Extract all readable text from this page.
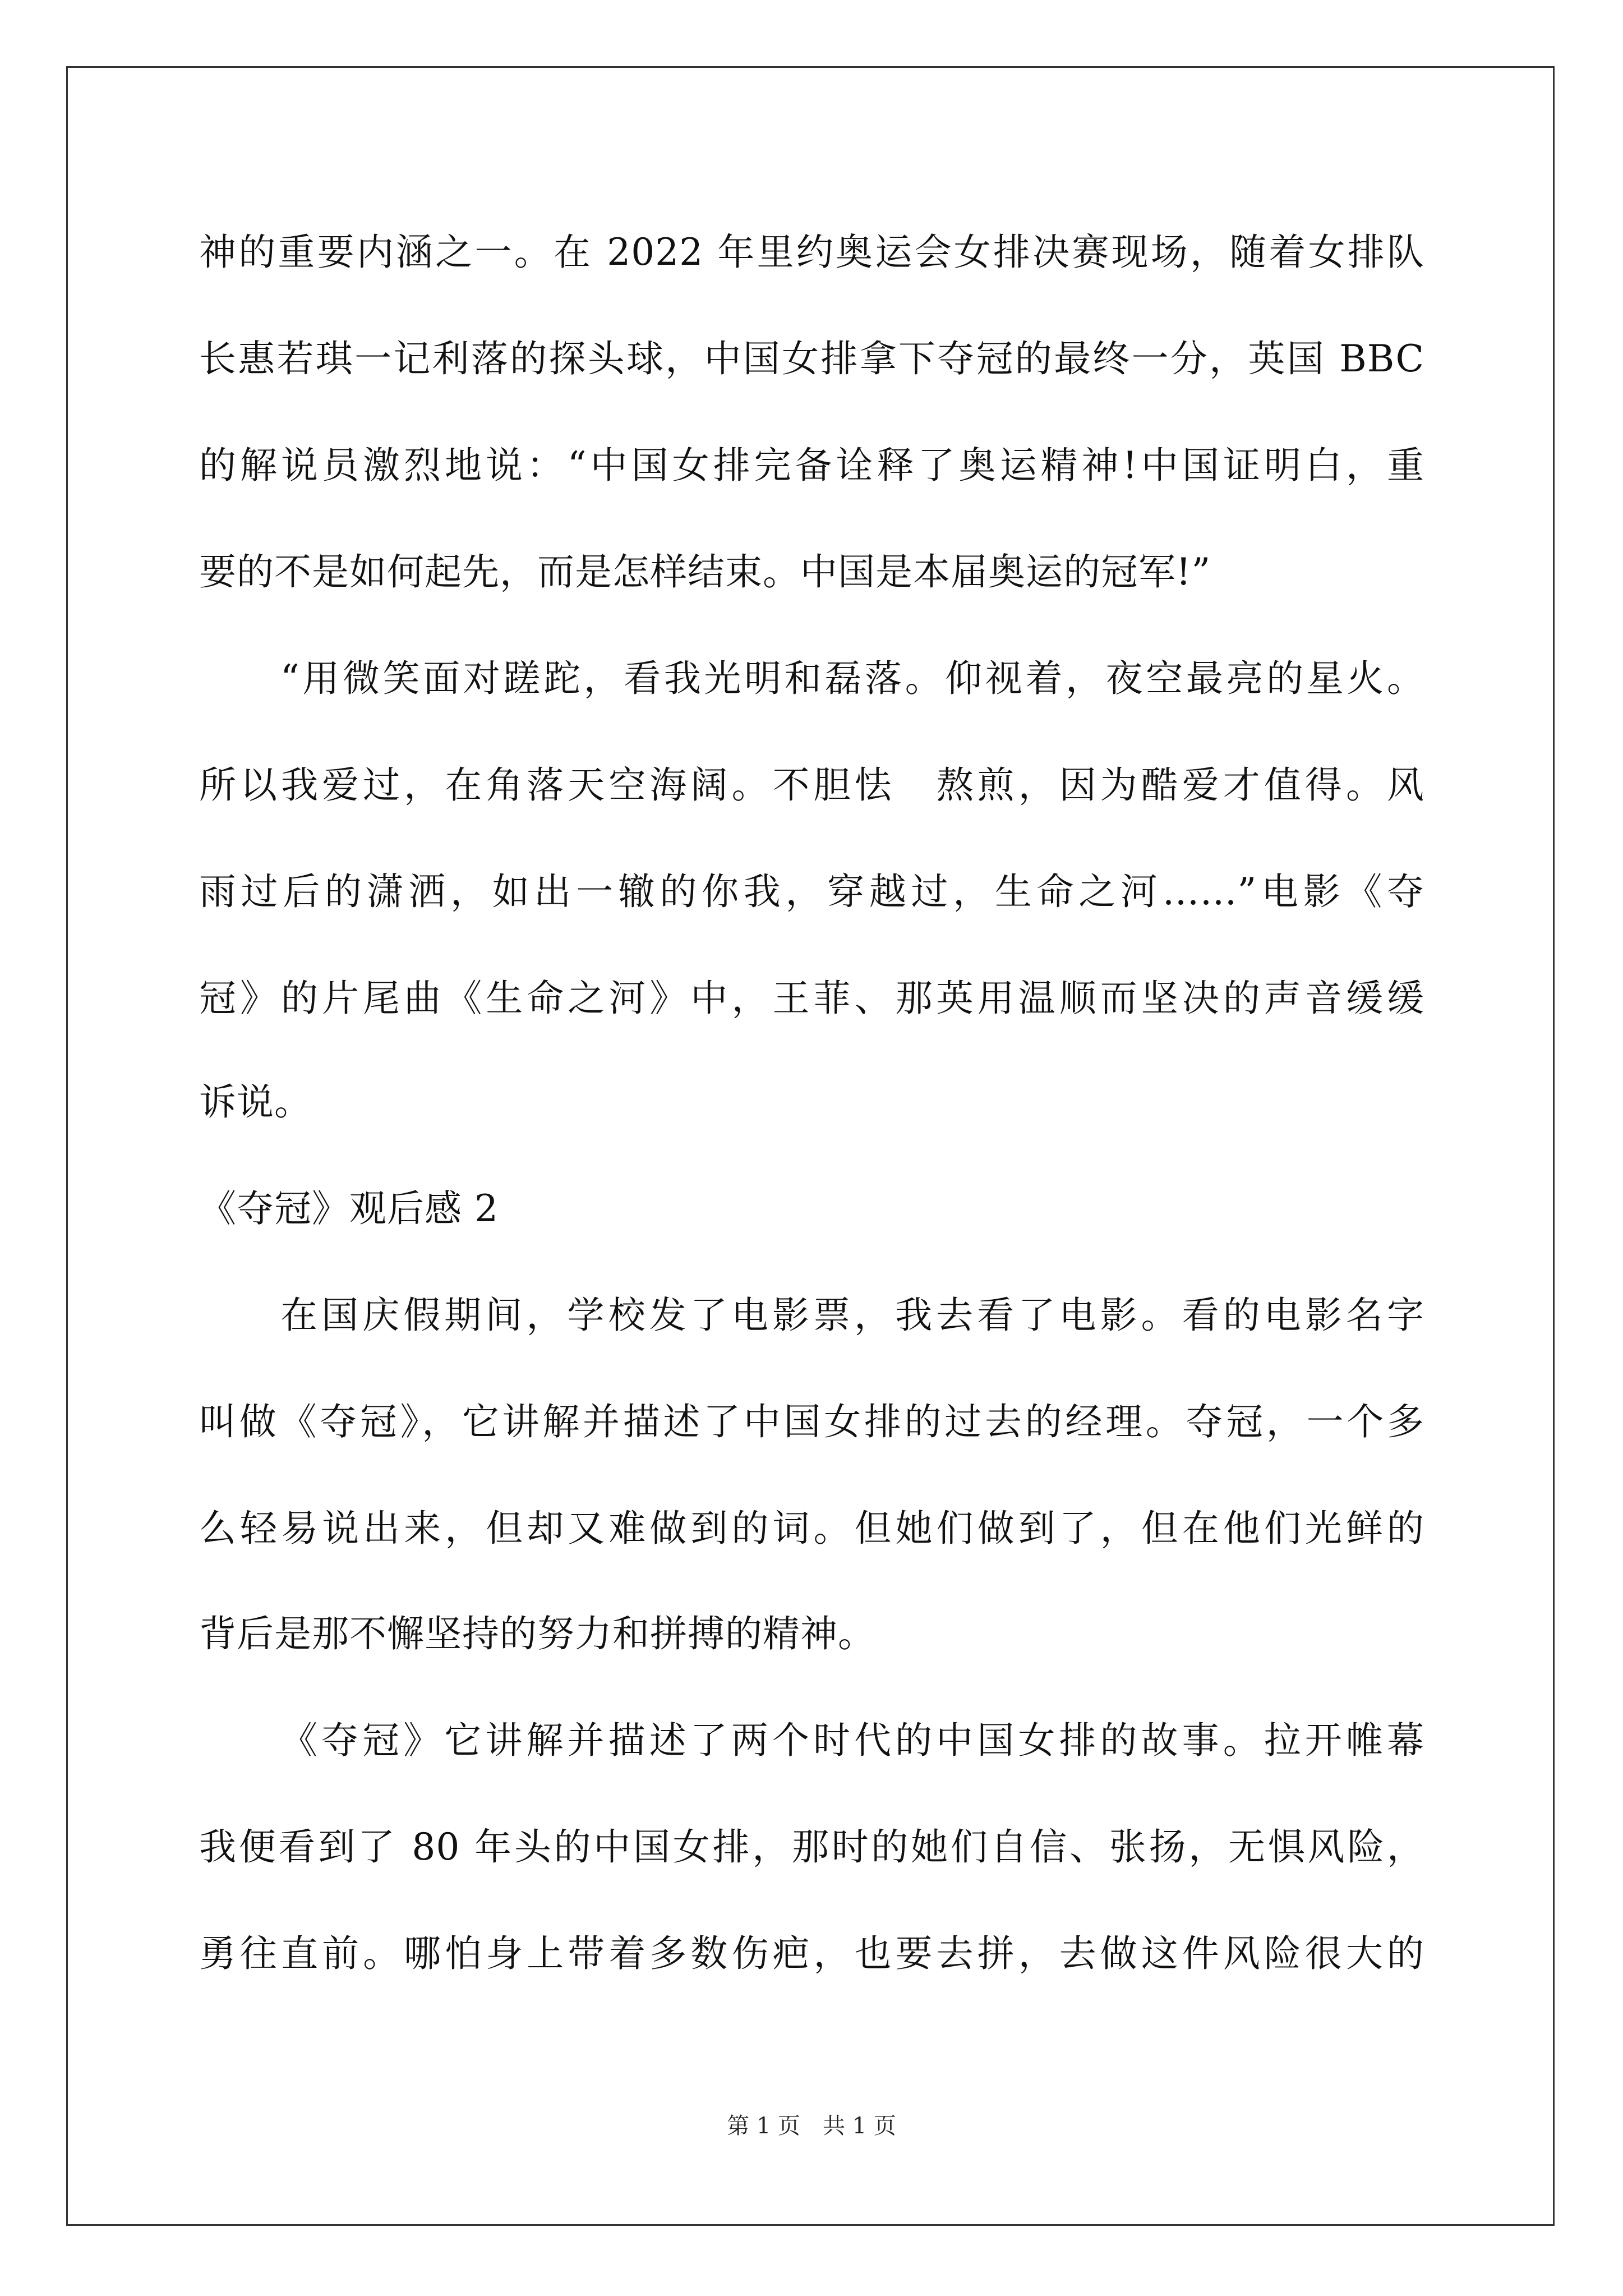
神的重要内涵之一。在 2022 年里约奥运会女排决赛现场，随着女排队
长惠若琪一记利落的探头球，中国女排拿下夺冠的最终一分，英国 BBC
的解说员激烈地说：“中国女排完备诠释了奥运精神!中国证明白，重
要的不是如何起先，而是怎样结束。中国是本届奥运的冠军!”
“用微笑面对蹉跎，看我光明和磊落。仰视着，夜空最亮的星火。
所以我爱过，在角落天空海阔。不胆怯　熬煎，因为酷爱才值得。风
雨过后的潇洒，如出一辙的你我，穿越过，生命之河……”电影《夺
冠》的片尾曲《生命之河》中，王菲、那英用温顺而坚决的声音缓缓
诉说。
《夺冠》观后感 2
在国庆假期间，学校发了电影票，我去看了电影。看的电影名字
叫做《夺冠》，它讲解并描述了中国女排的过去的经理。夺冠，一个多
么轻易说出来，但却又难做到的词。但她们做到了，但在他们光鲜的
背后是那不懈坚持的努力和拼搏的精神。
《夺冠》它讲解并描述了两个时代的中国女排的故事。拉开帷幕
我便看到了 80 年头的中国女排，那时的她们自信、张扬，无惧风险，
勇往直前。哪怕身上带着多数伤疤，也要去拼，去做这件风险很大的
第 1 页　共 1 页
